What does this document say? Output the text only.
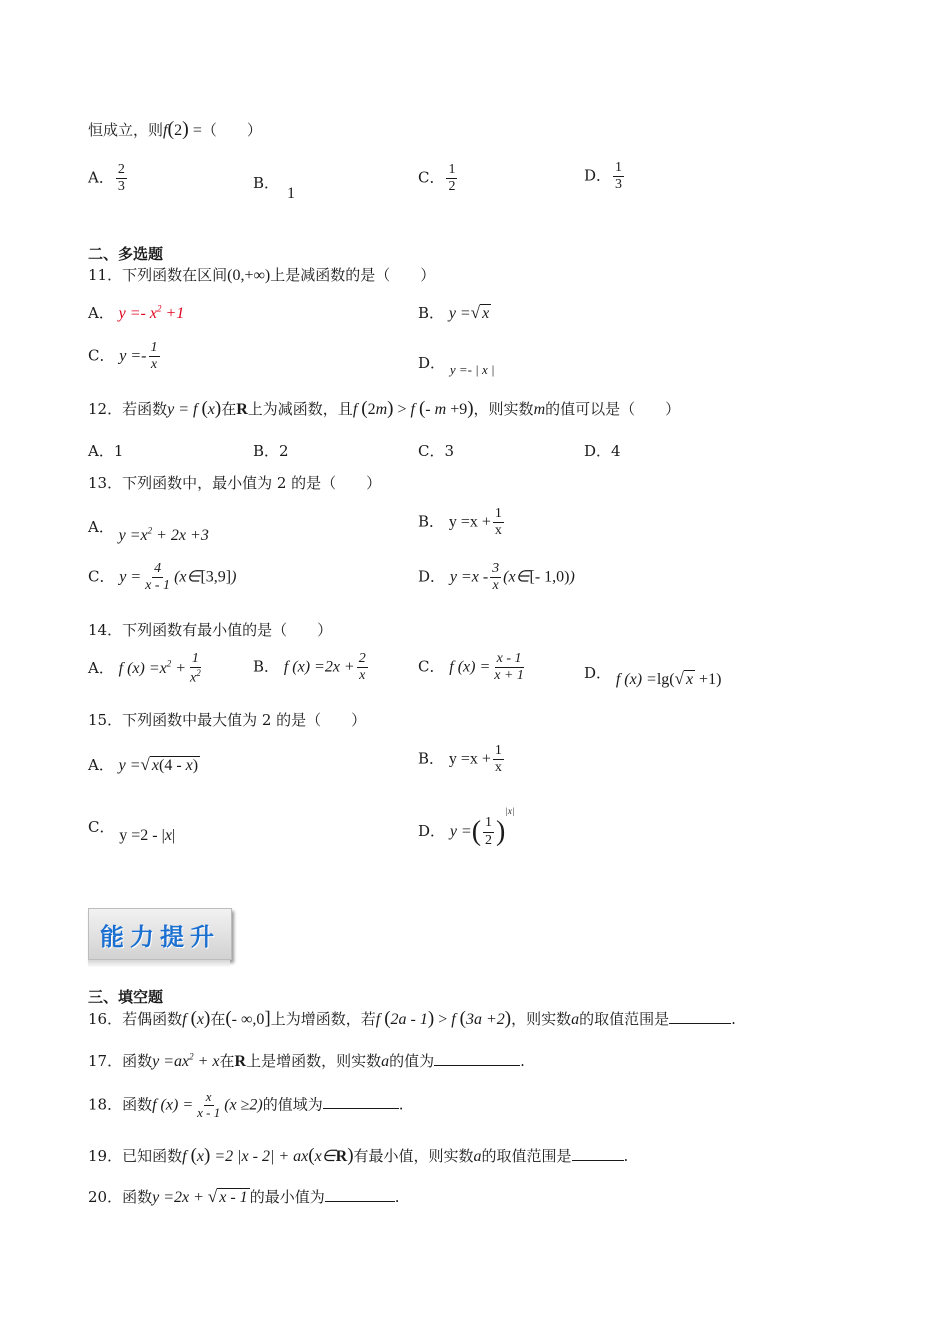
恒成立，则f(2) =（　　）
A． $\frac{2}{3}$	B．1
C． $\frac{1}{2}$	D． $\frac{1}{3}$
二、多选题
11．下列函数在区间(0,+∞)上是减函数的是（　　）
A． $y =- x^2 +1$	B． y =√ x
C． $y =- \frac{1}{x}$	D． y =- | x |
12．若函数y = f (x)在R上为减函数，且f (2m) > f (- m +9)，则实数m的值可以是（　　）
A．1	B．2	C．3	D．4
13．下列函数中，最小值为 2 的是（　　）
A． $y =x^2 + 2x +3$
B． $y =x + \frac{1}{x}$
C． $y = \frac{4}{x - 1}$ (x∈[3,9])	D． $y =x - \frac{3}{x}$ (x∈[- 1,0))
14．下列函数有最小值的是（　　）
A． f $(x) =x^2 + \frac{1}{x^2}$	B． f $(x) =2x + \frac{2}{x}$	C． f $(x) = \frac{x - 1}{x + 1}$	D． f (x) =lg(√ x +1)
15．下列函数中最大值为 2 的是（　　）
A． y =√ x(4 - x)	B． $y =x + \frac{1}{x}$
C． y =2 - |x|	D． y =( $\frac{1}{2} )^{|x|}$
能力提升
三、填空题
16．若偶函数f (x)在(- ∞,0]上为增函数，若f (2a - 1) > f (3a +2)，则实数a的取值范围是	.
17．函数$y =ax^2 + x$在R上是增函数，则实数a的值为	.
18．函数f $(x) = \frac{x}{x - 1} (x \ge 2)$的值域为	.
19．已知函数f (x) =2 |x - 2| + ax(x∈R)有最小值，则实数a的取值范围是	.
20．函数y =2x + √ x - 1 的最小值为	.
